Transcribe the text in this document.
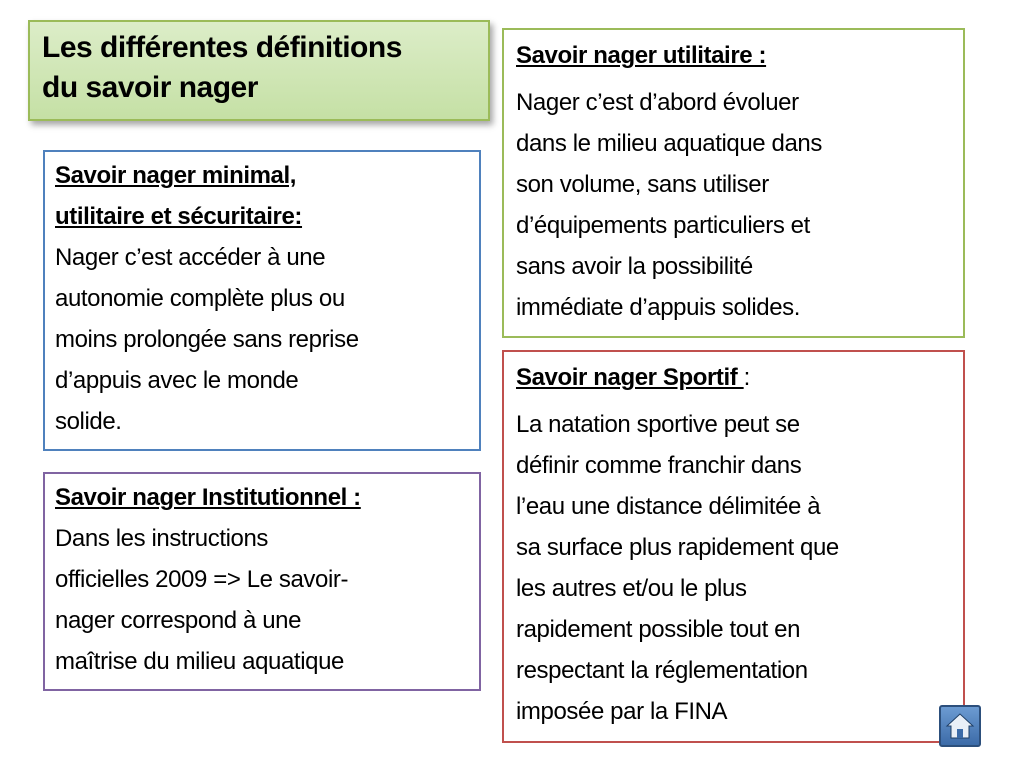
Les différentes définitions

du savoir nager

Savoir nager minimal,

utilitaire et sécuritaire:

Nager c’est accéder à une

autonomie complète plus ou

moins prolongée sans reprise

d’appuis avec le monde

solide.

Savoir nager Institutionnel :

Dans les instructions

officielles 2009 => Le savoir-

nager correspond à une

maîtrise du milieu aquatique

Savoir nager utilitaire :

Nager c’est d’abord évoluer

dans le milieu aquatique dans

son volume, sans utiliser

d’équipements particuliers et

sans avoir la possibilité

immédiate d’appuis solides.

Savoir nager Sportif :

La natation sportive peut se

définir comme franchir dans

l’eau une distance délimitée à

sa surface plus rapidement que

les autres et/ou le plus

rapidement possible tout en

respectant la réglementation

imposée par la FINA
